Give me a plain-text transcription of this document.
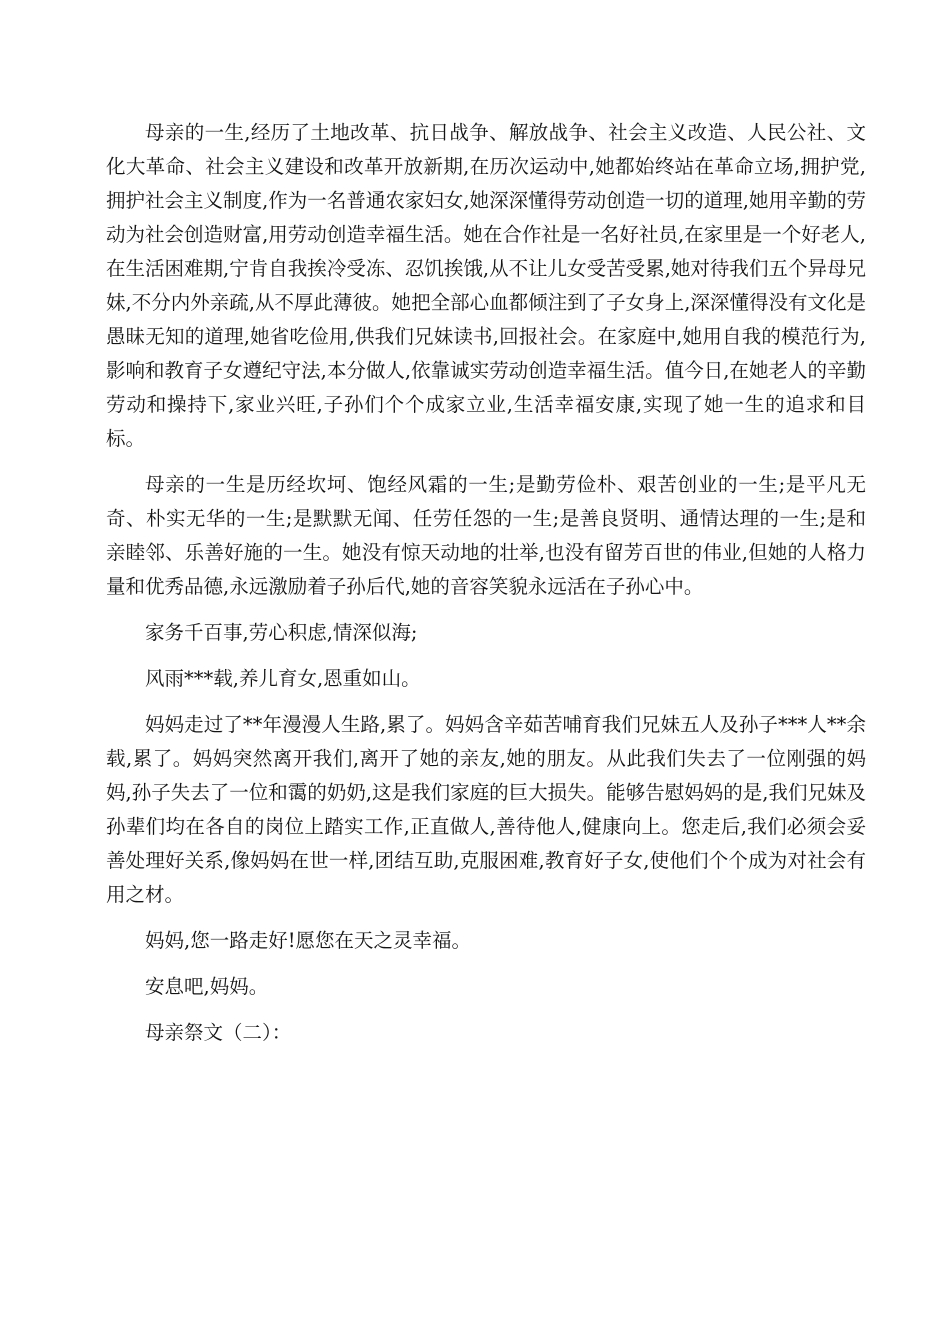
母亲的一生,经历了土地改革、抗日战争、解放战争、社会主义改造、人民公社、文化大革命、社会主义建设和改革开放新期,在历次运动中,她都始终站在革命立场,拥护党,拥护社会主义制度,作为一名普通农家妇女,她深深懂得劳动创造一切的道理,她用辛勤的劳动为社会创造财富,用劳动创造幸福生活。她在合作社是一名好社员,在家里是一个好老人,在生活困难期,宁肯自我挨冷受冻、忍饥挨饿,从不让儿女受苦受累,她对待我们五个异母兄妹,不分内外亲疏,从不厚此薄彼。她把全部心血都倾注到了子女身上,深深懂得没有文化是愚昧无知的道理,她省吃俭用,供我们兄妹读书,回报社会。在家庭中,她用自我的模范行为,影响和教育子女遵纪守法,本分做人,依靠诚实劳动创造幸福生活。值今日,在她老人的辛勤劳动和操持下,家业兴旺,子孙们个个成家立业,生活幸福安康,实现了她一生的追求和目标。

母亲的一生是历经坎坷、饱经风霜的一生;是勤劳俭朴、艰苦创业的一生;是平凡无奇、朴实无华的一生;是默默无闻、任劳任怨的一生;是善良贤明、通情达理的一生;是和亲睦邻、乐善好施的一生。她没有惊天动地的壮举,也没有留芳百世的伟业,但她的人格力量和优秀品德,永远激励着子孙后代,她的音容笑貌永远活在子孙心中。

家务千百事,劳心积虑,情深似海;

风雨***载,养儿育女,恩重如山。

妈妈走过了**年漫漫人生路,累了。妈妈含辛茹苦哺育我们兄妹五人及孙子***人**余载,累了。妈妈突然离开我们,离开了她的亲友,她的朋友。从此我们失去了一位刚强的妈妈,孙子失去了一位和霭的奶奶,这是我们家庭的巨大损失。能够告慰妈妈的是,我们兄妹及孙辈们均在各自的岗位上踏实工作,正直做人,善待他人,健康向上。您走后,我们必须会妥善处理好关系,像妈妈在世一样,团结互助,克服困难,教育好子女,使他们个个成为对社会有用之材。

妈妈,您一路走好!愿您在天之灵幸福。

安息吧,妈妈。

母亲祭文（二）：
